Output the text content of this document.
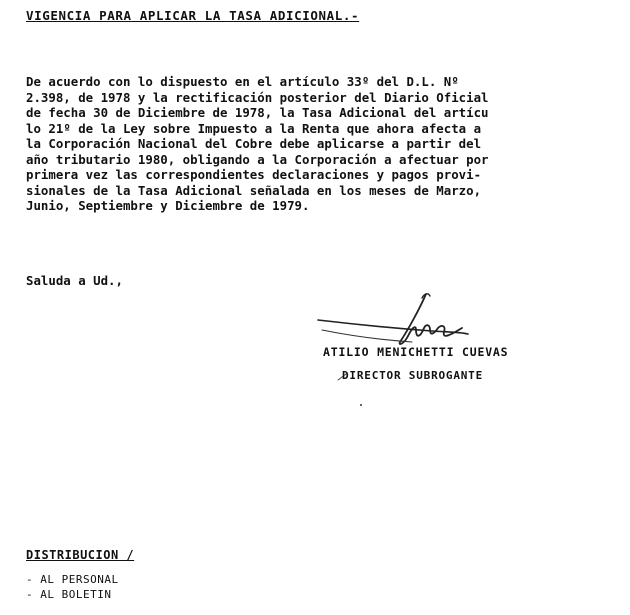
VIGENCIA PARA APLICAR LA TASA ADICIONAL.-
De acuerdo con lo dispuesto en el artículo 33º del D.L. Nº
2.398, de 1978 y la rectificación posterior del Diario Oficial
de fecha 30 de Diciembre de 1978, la Tasa Adicional del artícu
lo 21º de la Ley sobre Impuesto a la Renta que ahora afecta a
la Corporación Nacional del Cobre debe aplicarse a partir del
año tributario 1980, obligando a la Corporación a afectuar por
primera vez las correspondientes declaraciones y pagos provi-
sionales de la Tasa Adicional señalada en los meses de Marzo,
Junio, Septiembre y Diciembre de 1979.
Saluda a Ud.,
ATILIO MENICHETTI CUEVAS
DIRECTOR SUBROGANTE
DISTRIBUCION /
- AL PERSONAL
- AL BOLETIN
